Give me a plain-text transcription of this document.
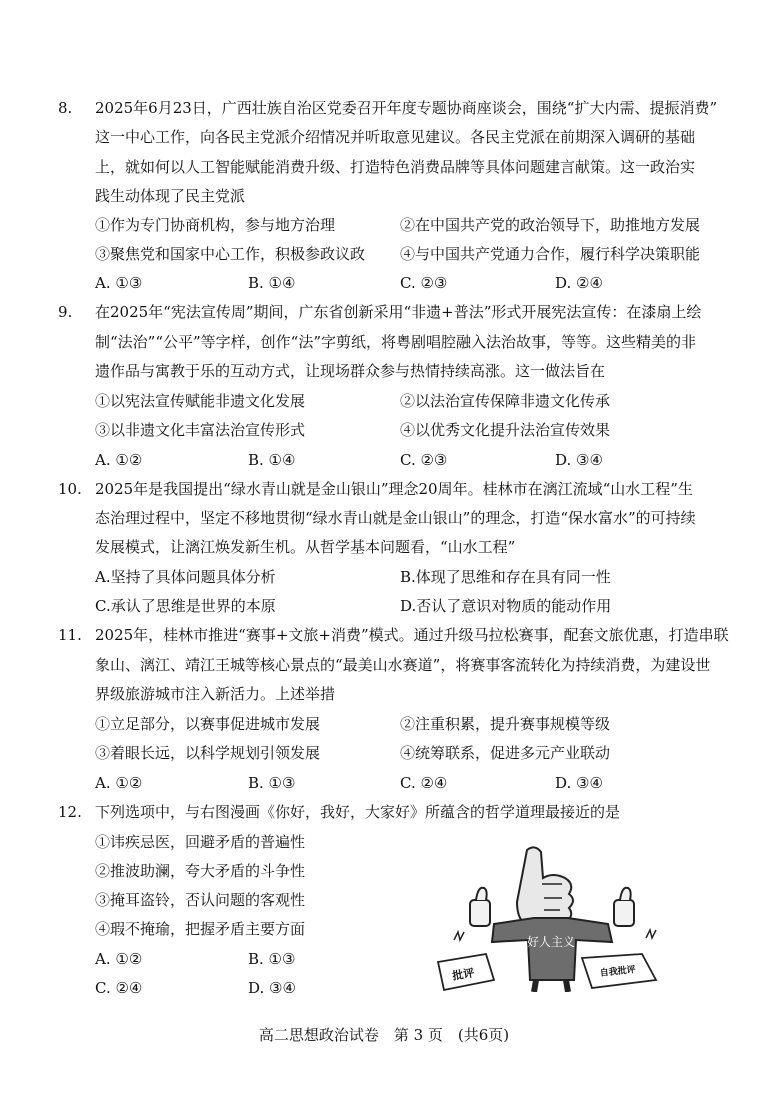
8. 2025年6月23日，广西壮族自治区党委召开年度专题协商座谈会，围绕“扩大内需、提振消费”
这一中心工作，向各民主党派介绍情况并听取意见建议。各民主党派在前期深入调研的基础
上，就如何以人工智能赋能消费升级、打造特色消费品牌等具体问题建言献策。这一政治实
践生动体现了民主党派
①作为专门协商机构，参与地方治理	②在中国共产党的政治领导下，助推地方发展
③聚焦党和国家中心工作，积极参政议政	④与中国共产党通力合作，履行科学决策职能
A. ①③	B. ①④	C. ②③	D. ②④
9. 在2025年“宪法宣传周”期间，广东省创新采用“非遗+普法”形式开展宪法宣传：在漆扇上绘
制“法治”“公平”等字样，创作“法”字剪纸，将粤剧唱腔融入法治故事，等等。这些精美的非
遗作品与寓教于乐的互动方式，让现场群众参与热情持续高涨。这一做法旨在
①以宪法宣传赋能非遗文化发展	②以法治宣传保障非遗文化传承
③以非遗文化丰富法治宣传形式	④以优秀文化提升法治宣传效果
A. ①②	B. ①④	C. ②③	D. ③④
10. 2025年是我国提出“绿水青山就是金山银山”理念20周年。桂林市在漓江流域“山水工程”生
态治理过程中，坚定不移地贯彻“绿水青山就是金山银山”的理念，打造“保水富水”的可持续
发展模式，让漓江焕发新生机。从哲学基本问题看，“山水工程”
A.坚持了具体问题具体分析	B.体现了思维和存在具有同一性
C.承认了思维是世界的本原	D.否认了意识对物质的能动作用
11. 2025年，桂林市推进“赛事+文旅+消费”模式。通过升级马拉松赛事，配套文旅优惠，打造串联
象山、漓江、靖江王城等核心景点的“最美山水赛道”，将赛事客流转化为持续消费，为建设世
界级旅游城市注入新活力。上述举措
①立足部分，以赛事促进城市发展	②注重积累，提升赛事规模等级
③着眼长远，以科学规划引领发展	④统筹联系，促进多元产业联动
A. ①②	B. ①③	C. ②④	D. ③④
12. 下列选项中，与右图漫画《你好，我好，大家好》所蕴含的哲学道理最接近的是
①讳疾忌医，回避矛盾的普遍性
②推波助澜，夸大矛盾的斗争性
③掩耳盗铃，否认问题的客观性
④瑕不掩瑜，把握矛盾主要方面
A. ①②	B. ①③
C. ②④	D. ③④
好人主义
批评	自我批评
高二思想政治试卷　第 3 页　(共6页)
